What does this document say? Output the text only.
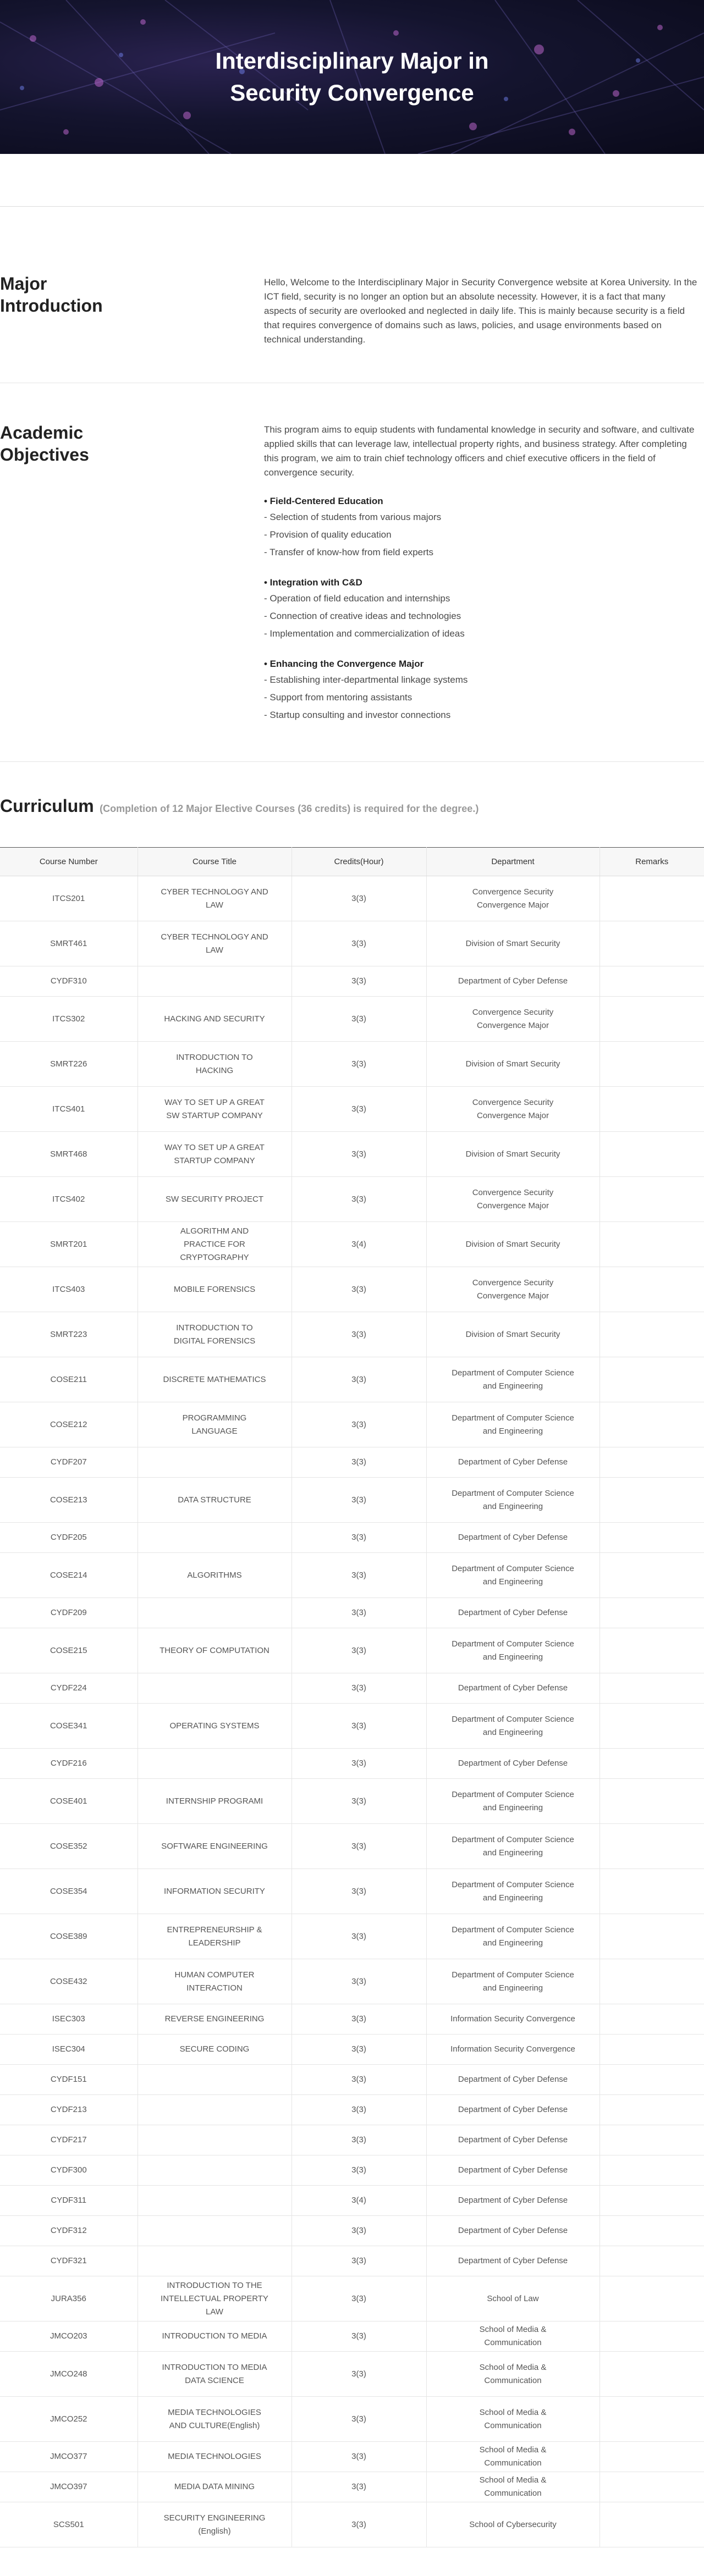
Interdisciplinary Major in
Security Convergence
Major
Introduction

Hello, Welcome to the Interdisciplinary Major in Security Convergence website at Korea University. In the ICT field, security is no longer an option but an absolute necessity. However, it is a fact that many aspects of security are overlooked and neglected in daily life. This is mainly because security is a field that requires convergence of domains such as laws, policies, and usage environments based on technical understanding.

Academic
Objectives

This program aims to equip students with fundamental knowledge in security and software, and cultivate applied skills that can leverage law, intellectual property rights, and business strategy. After completing this program, we aim to train chief technology officers and chief executive officers in the field of convergence security.

• Field-Centered Education
- Selection of students from various majors
- Provision of quality education
- Transfer of know-how from field experts
• Integration with C&D
- Operation of field education and internships
- Connection of creative ideas and technologies
- Implementation and commercialization of ideas
• Enhancing the Convergence Major
- Establishing inter-departmental linkage systems
- Support from mentoring assistants
- Startup consulting and investor connections
Curriculum (Completion of 12 Major Elective Courses (36 credits) is required for the degree.)
Course Number	Course Title	Credits(Hour)	Department	Remarks
ITCS201	CYBER TECHNOLOGY AND LAW	3(3)	Convergence Security Convergence Major	
SMRT461	CYBER TECHNOLOGY AND LAW	3(3)	Division of Smart Security	
CYDF310		3(3)	Department of Cyber Defense	
ITCS302	HACKING AND SECURITY	3(3)	Convergence Security Convergence Major	
SMRT226	INTRODUCTION TO HACKING	3(3)	Division of Smart Security	
ITCS401	WAY TO SET UP A GREAT SW STARTUP COMPANY	3(3)	Convergence Security Convergence Major	
SMRT468	WAY TO SET UP A GREAT STARTUP COMPANY	3(3)	Division of Smart Security	
ITCS402	SW SECURITY PROJECT	3(3)	Convergence Security Convergence Major	
SMRT201	ALGORITHM AND PRACTICE FOR CRYPTOGRAPHY	3(4)	Division of Smart Security	
ITCS403	MOBILE FORENSICS	3(3)	Convergence Security Convergence Major	
SMRT223	INTRODUCTION TO DIGITAL FORENSICS	3(3)	Division of Smart Security	
COSE211	DISCRETE MATHEMATICS	3(3)	Department of Computer Science and Engineering	
COSE212	PROGRAMMING LANGUAGE	3(3)	Department of Computer Science and Engineering	
CYDF207		3(3)	Department of Cyber Defense	
COSE213	DATA STRUCTURE	3(3)	Department of Computer Science and Engineering	
CYDF205		3(3)	Department of Cyber Defense	
COSE214	ALGORITHMS	3(3)	Department of Computer Science and Engineering	
CYDF209		3(3)	Department of Cyber Defense	
COSE215	THEORY OF COMPUTATION	3(3)	Department of Computer Science and Engineering	
CYDF224		3(3)	Department of Cyber Defense	
COSE341	OPERATING SYSTEMS	3(3)	Department of Computer Science and Engineering	
CYDF216		3(3)	Department of Cyber Defense	
COSE401	INTERNSHIP PROGRAMI	3(3)	Department of Computer Science and Engineering	
COSE352	SOFTWARE ENGINEERING	3(3)	Department of Computer Science and Engineering	
COSE354	INFORMATION SECURITY	3(3)	Department of Computer Science and Engineering	
COSE389	ENTREPRENEURSHIP & LEADERSHIP	3(3)	Department of Computer Science and Engineering	
COSE432	HUMAN COMPUTER INTERACTION	3(3)	Department of Computer Science and Engineering	
ISEC303	REVERSE ENGINEERING	3(3)	Information Security Convergence	
ISEC304	SECURE CODING	3(3)	Information Security Convergence	
CYDF151		3(3)	Department of Cyber Defense	
CYDF213		3(3)	Department of Cyber Defense	
CYDF217		3(3)	Department of Cyber Defense	
CYDF300		3(3)	Department of Cyber Defense	
CYDF311		3(4)	Department of Cyber Defense	
CYDF312		3(3)	Department of Cyber Defense	
CYDF321		3(3)	Department of Cyber Defense	
JURA356	INTRODUCTION TO THE INTELLECTUAL PROPERTY LAW	3(3)	School of Law	
JMCO203	INTRODUCTION TO MEDIA	3(3)	School of Media & Communication	
JMCO248	INTRODUCTION TO MEDIA DATA SCIENCE	3(3)	School of Media & Communication	
JMCO252	MEDIA TECHNOLOGIES AND CULTURE(English)	3(3)	School of Media & Communication	
JMCO377	MEDIA TECHNOLOGIES	3(3)	School of Media & Communication	
JMCO397	MEDIA DATA MINING	3(3)	School of Media & Communication	
SCS501	SECURITY ENGINEERING (English)	3(3)	School of Cybersecurity	
